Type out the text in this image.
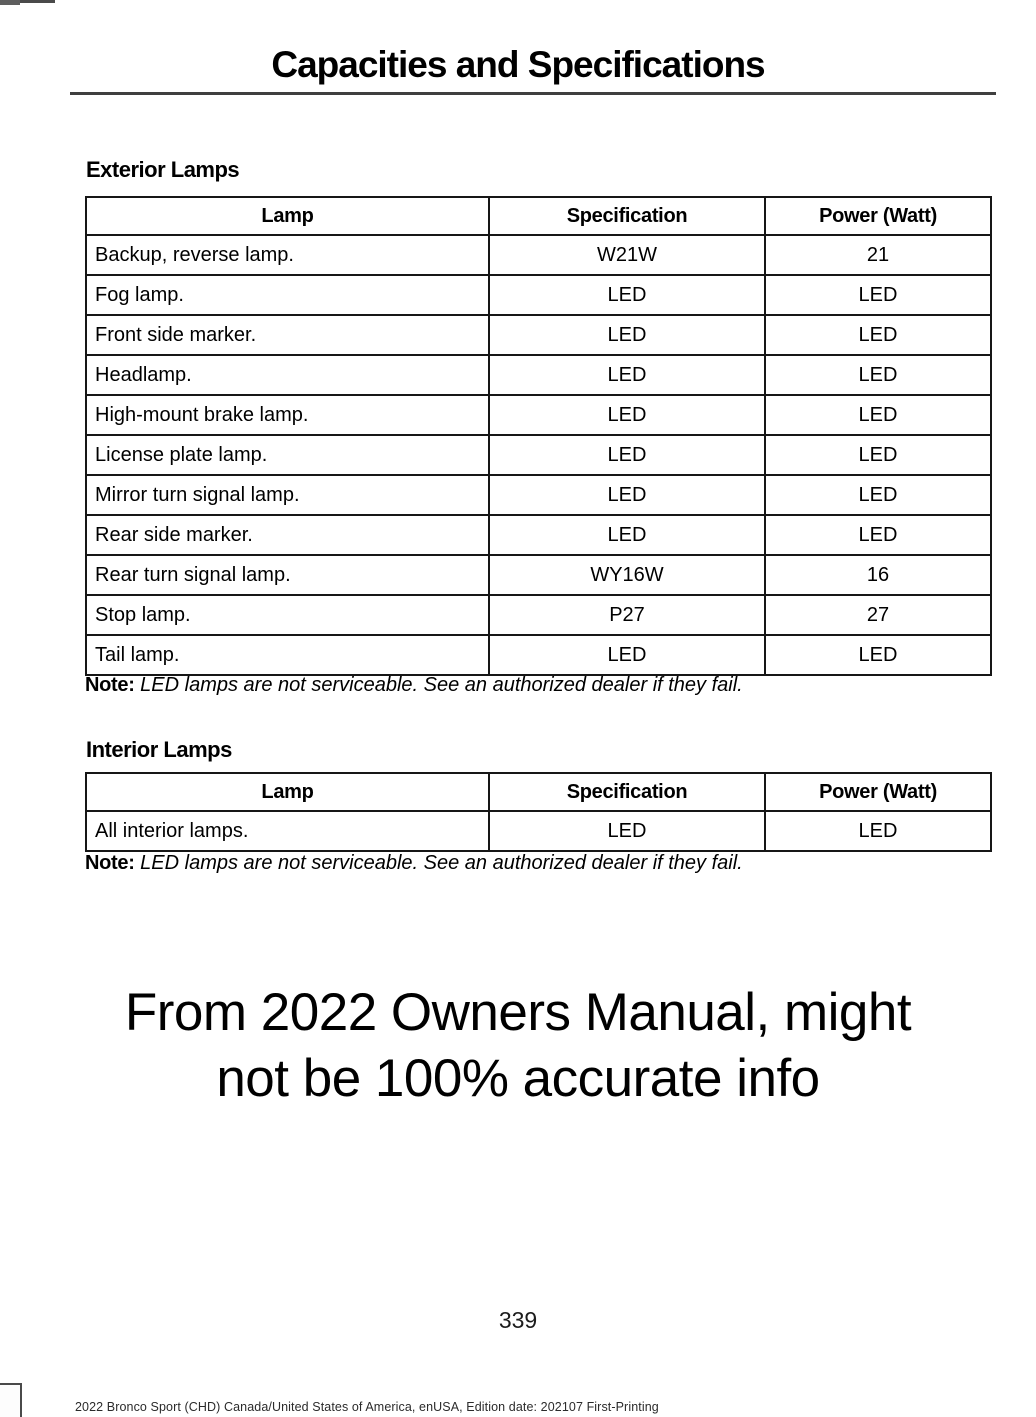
Capacities and Specifications
Exterior Lamps
Lamp	Specification	Power (Watt)
Backup, reverse lamp.	W21W	21
Fog lamp.	LED	LED
Front side marker.	LED	LED
Headlamp.	LED	LED
High-mount brake lamp.	LED	LED
License plate lamp.	LED	LED
Mirror turn signal lamp.	LED	LED
Rear side marker.	LED	LED
Rear turn signal lamp.	WY16W	16
Stop lamp.	P27	27
Tail lamp.	LED	LED
Note: LED lamps are not serviceable. See an authorized dealer if they fail.
Interior Lamps
Lamp	Specification	Power (Watt)
All interior lamps.	LED	LED
Note: LED lamps are not serviceable. See an authorized dealer if they fail.
From 2022 Owners Manual, might
not be 100% accurate info
339
2022 Bronco Sport (CHD) Canada/United States of America, enUSA, Edition date: 202107 First-Printing
